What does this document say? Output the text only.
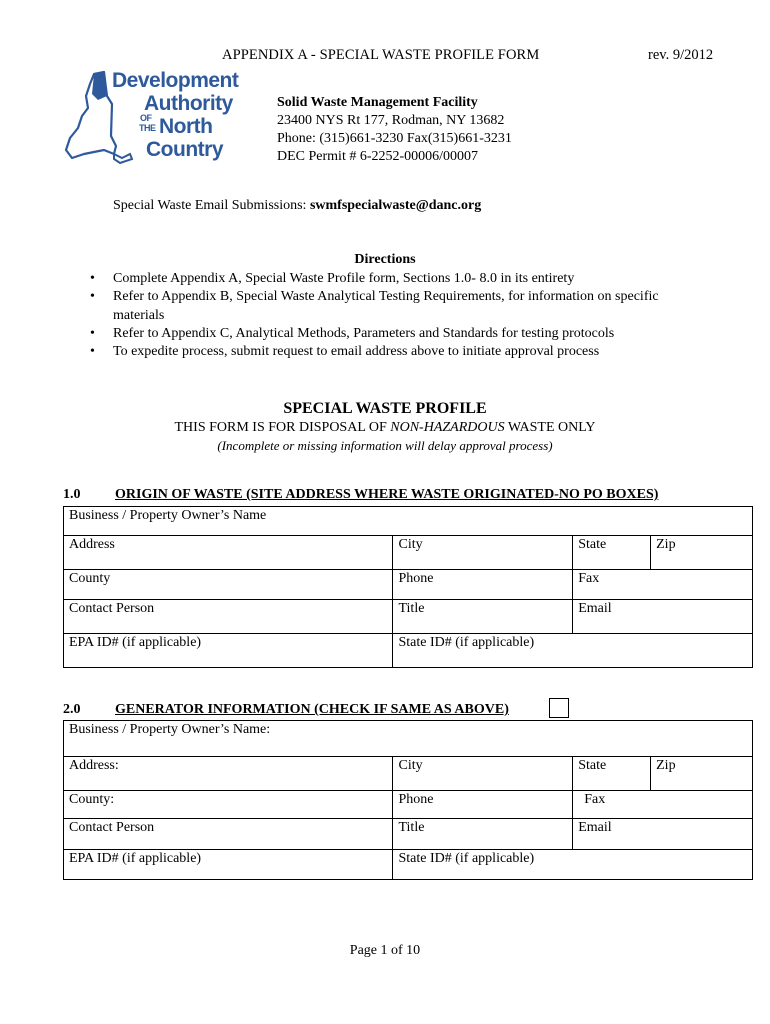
APPENDIX A - SPECIAL WASTE PROFILE FORM	rev. 9/2012
Development
Authority
OF
THE North
Country
Solid Waste Management Facility
23400 NYS Rt 177, Rodman, NY 13682
Phone: (315)661-3230 Fax(315)661-3231
DEC Permit # 6-2252-00006/00007
Special Waste Email Submissions: swmfspecialwaste@danc.org
Directions
• Complete Appendix A, Special Waste Profile form, Sections 1.0- 8.0 in its entirety
• Refer to Appendix B, Special Waste Analytical Testing Requirements, for information on specific materials
• Refer to Appendix C, Analytical Methods, Parameters and Standards for testing protocols
• To expedite process, submit request to email address above to initiate approval process
SPECIAL WASTE PROFILE
THIS FORM IS FOR DISPOSAL OF NON-HAZARDOUS WASTE ONLY
(Incomplete or missing information will delay approval process)
1.0 ORIGIN OF WASTE (SITE ADDRESS WHERE WASTE ORIGINATED-NO PO BOXES)
Business / Property Owner’s Name			
Address	City	State	Zip
County	Phone	Fax	
Contact Person	Title	Email	
EPA ID# (if applicable)	State ID# (if applicable)		
2.0 GENERATOR INFORMATION (CHECK IF SAME AS ABOVE)
Business / Property Owner’s Name:			
Address:	City	State	Zip
County:	Phone	Fax	
Contact Person	Title	Email	
EPA ID# (if applicable)	State ID# (if applicable)		
Page 1 of 10
